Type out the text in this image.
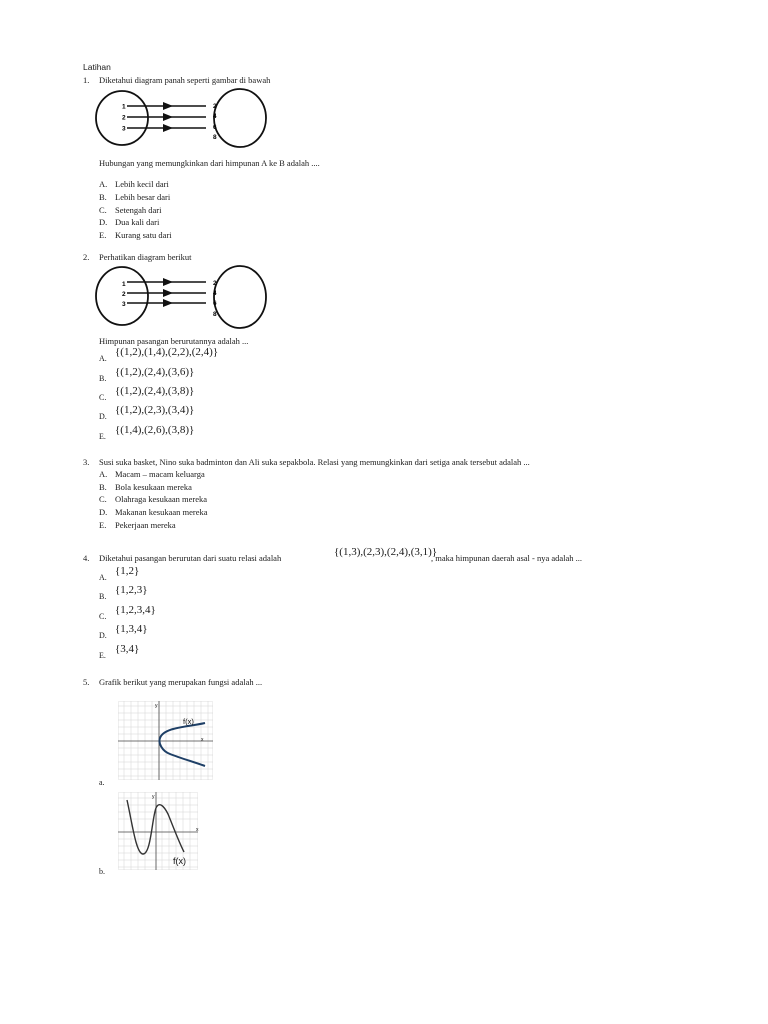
Latihan
1. Diketahui diagram panah seperti gambar di bawah
1
2
3
2
4
6
8
Hubungan yang memungkinkan dari himpunan A ke B adalah ....
A. Lebih kecil dari
B. Lebih besar dari
C. Setengah dari
D. Dua kali dari
E. Kurang satu dari
2. Perhatikan diagram berikut
1
2
3
2
4
6
8
Himpunan pasangan berurutannya adalah ...
A.
{(1,2),(1,4),(2,2),(2,4)}
B.
{(1,2),(2,4),(3,6)}
C.
{(1,2),(2,4),(3,8)}
D.
{(1,2),(2,3),(3,4)}
E.
{(1,4),(2,6),(3,8)}
3. Susi suka basket, Nino suka badminton dan Ali suka sepakbola. Relasi yang memungkinkan dari setiga anak tersebut adalah ...
A. Macam – macam keluarga
B. Bola kesukaan mereka
C. Olahraga kesukaan mereka
D. Makanan kesukaan mereka
E. Pekerjaan mereka
4. Diketahui pasangan berurutan dari suatu relasi adalah	{(1,3),(2,3),(2,4),(3,1)}
, maka himpunan daerah asal - nya adalah ...
A.
{1,2}
B.
{1,2,3}
C.
{1,2,3,4}
D.
{1,3,4}
E.
{3,4}
5. Grafik berikut yang merupakan fungsi adalah ...
f(x)
x
y
a.
f(x)
x
y
b.
